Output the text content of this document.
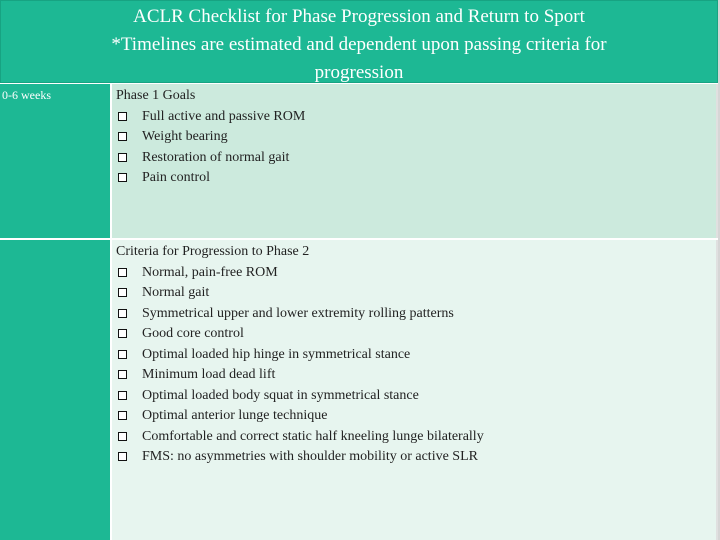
ACLR Checklist for Phase Progression and Return to Sport
*Timelines are estimated and dependent upon passing criteria for
progression
0-6 weeks	Phase 1 Goals
Full active and passive ROM
Weight bearing
Restoration of normal gait
Pain control
Criteria for Progression to Phase 2
Normal, pain-free ROM
Normal gait
Symmetrical upper and lower extremity rolling patterns
Good core control
Optimal loaded hip hinge in symmetrical stance
Minimum load dead lift
Optimal loaded body squat in symmetrical stance
Optimal anterior lunge technique
Comfortable and correct static half kneeling lunge bilaterally
FMS: no asymmetries with shoulder mobility or active SLR
